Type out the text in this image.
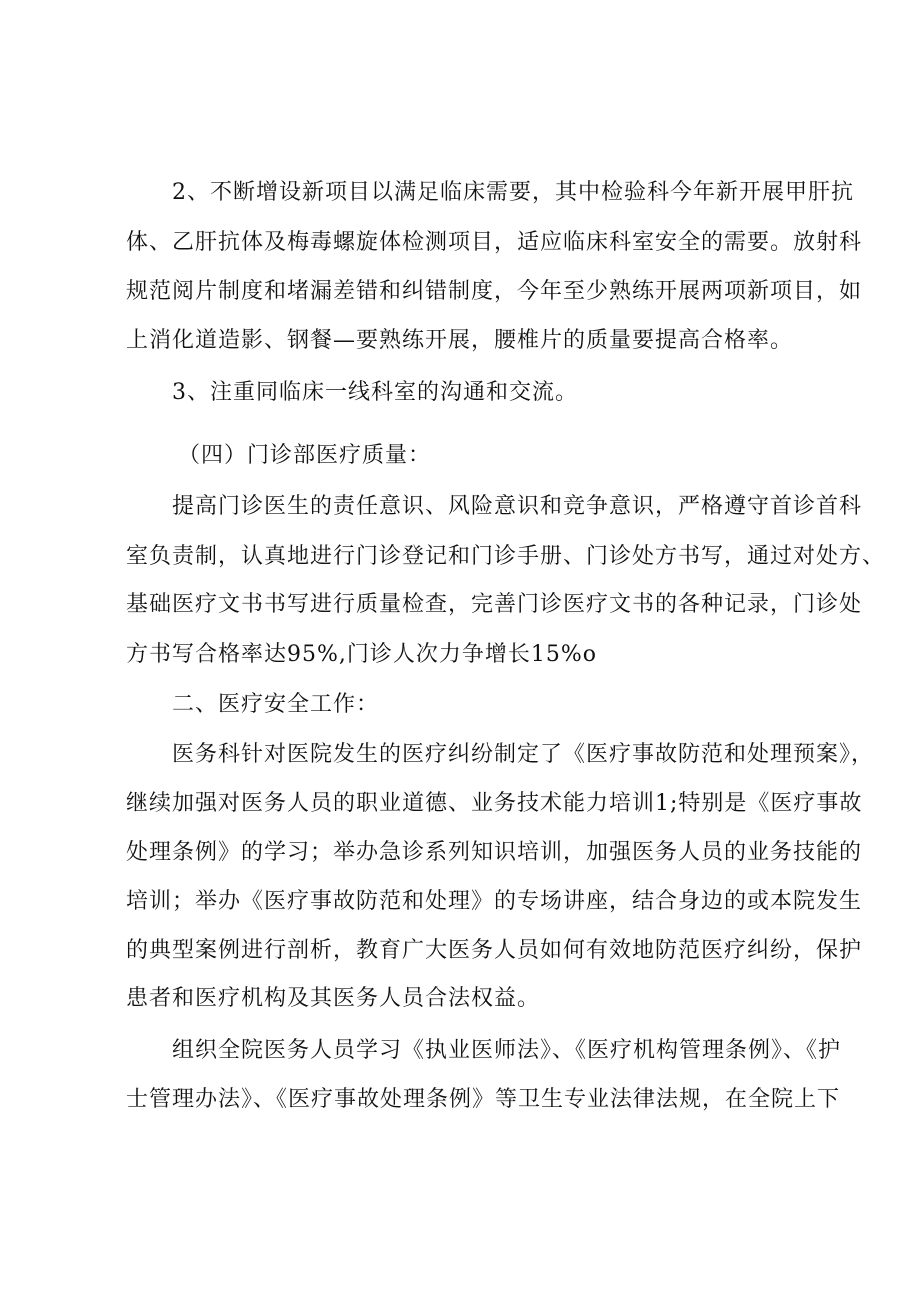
2、不断增设新项目以满足临床需要，其中检验科今年新开展甲肝抗
体、乙肝抗体及梅毒螺旋体检测项目，适应临床科室安全的需要。放射科
规范阅片制度和堵漏差错和纠错制度，今年至少熟练开展两项新项目，如
上消化道造影、钢餐—要熟练开展，腰椎片的质量要提高合格率。
3、注重同临床一线科室的沟通和交流。
（四）门诊部医疗质量：
提高门诊医生的责任意识、风险意识和竞争意识，严格遵守首诊首科
室负责制，认真地进行门诊登记和门诊手册、门诊处方书写，通过对处方、
基础医疗文书书写进行质量检查，完善门诊医疗文书的各种记录，门诊处
方书写合格率达95%,门诊人次力争增长15%o
二、医疗安全工作：
医务科针对医院发生的医疗纠纷制定了《医疗事故防范和处理预案》，
继续加强对医务人员的职业道德、业务技术能力培训1;特别是《医疗事故
处理条例》的学习；举办急诊系列知识培训，加强医务人员的业务技能的
培训；举办《医疗事故防范和处理》的专场讲座，结合身边的或本院发生
的典型案例进行剖析，教育广大医务人员如何有效地防范医疗纠纷，保护
患者和医疗机构及其医务人员合法权益。
组织全院医务人员学习《执业医师法》、《医疗机构管理条例》、《护
士管理办法》、《医疗事故处理条例》等卫生专业法律法规，在全院上下
